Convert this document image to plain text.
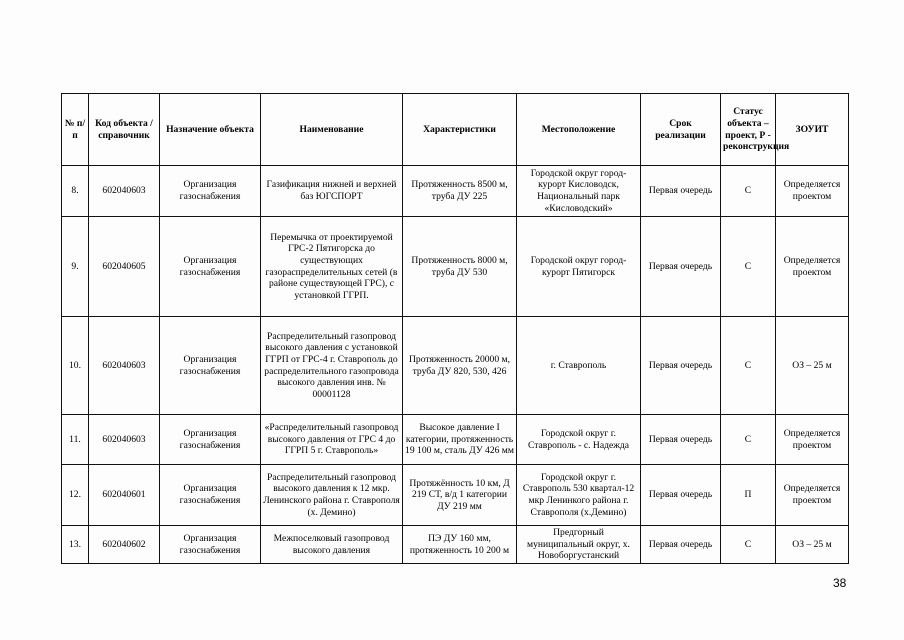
№ п/п	Код объекта / справочник	Назначение объекта	Наименование	Характеристики	Местоположение	Срок реализации	Статус объекта – проект, Р - реконструкция	ЗОУИТ
8.	602040603	Организация газоснабжения	Газификация нижней и верхней баз ЮГСПОРТ	Протяженность 8500 м, труба ДУ 225	Городской округ город-курорт Кисловодск, Национальный парк «Кисловодский»	Первая очередь	С	Определяется проектом
9.	602040605	Организация газоснабжения	Перемычка от проектируемой ГРС-2 Пятигорска до существующих газораспределительных сетей (в районе существующей ГРС), с установкой ГГРП.	Протяженность 8000 м, труба ДУ 530	Городской округ город-курорт Пятигорск	Первая очередь	С	Определяется проектом
10.	602040603	Организация газоснабжения	Распределительный газопровод высокого давления с установкой ГГРП от ГРС-4 г. Ставрополь до распределительного газопровода высокого давления инв. № 00001128	Протяженность 20000 м, труба ДУ 820, 530, 426	г. Ставрополь	Первая очередь	С	ОЗ – 25 м
11.	602040603	Организация газоснабжения	«Распределительный газопровод высокого давления от ГРС 4 до ГГРП 5 г. Ставрополь»	Высокое давление I категории, протяженность 19 100 м, сталь ДУ 426 мм	Городской округ г. Ставрополь - с. Надежда	Первая очередь	С	Определяется проектом
12.	602040601	Организация газоснабжения	Распределительный газопровод высокого давления к 12 мкр. Ленинского района г. Ставрополя (х. Демино)	Протяжённость 10 км, Д 219 СТ, в/д 1 категории ДУ 219 мм	Городской округ г. Ставрополь 530 квартал-12 мкр Ленинкого района г. Ставрополя (х.Демино)	Первая очередь	П	Определяется проектом
13.	602040602	Организация газоснабжения	Межпоселковый газопровод высокого давления	ПЭ ДУ 160 мм, протяженность 10 200 м	Предгорный муниципальный округ, х. Новоборгустанский	Первая очередь	С	ОЗ – 25 м
38
